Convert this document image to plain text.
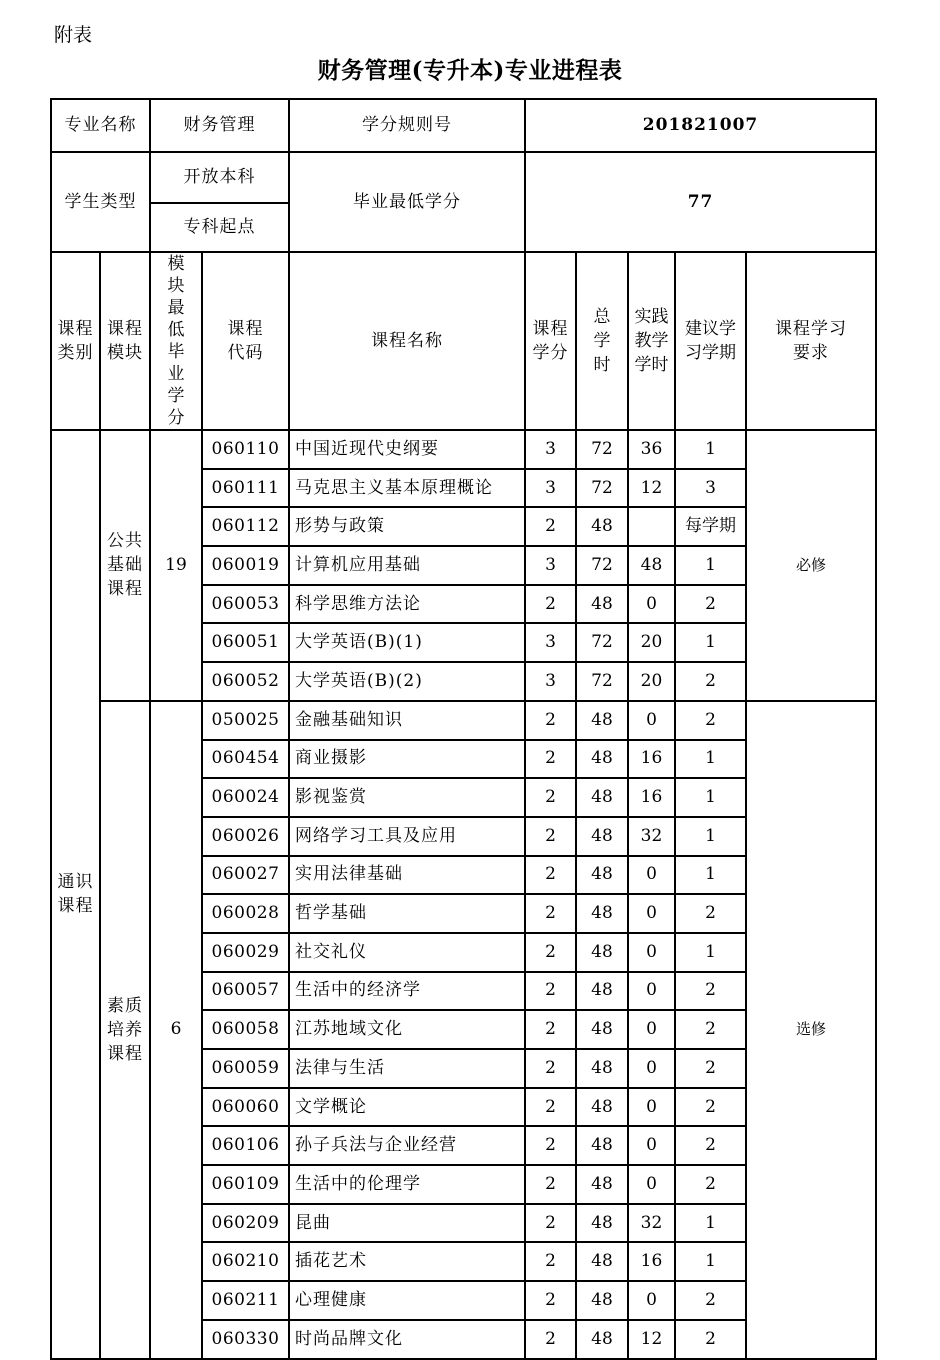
附表
财务管理(专升本)专业进程表
专业名称		财务管理		学分规则号	201821007				
学生类型		开放本科		毕业最低学分	77				
		专科起点							

课程类别	课程模块	模块最低毕业学分	课程代码	课程名称	课程学分	总学时	实践教学学时	建议学习学期	课程学习要求

通识课程	公共基础课程	19	060110	中国近现代史纲要	3	72	36	1	必修
			060111	马克思主义基本原理概论	3	72	12	3	
			060112	形势与政策	2	48		每学期	
			060019	计算机应用基础	3	72	48	1	
			060053	科学思维方法论	2	48	0	2	
			060051	大学英语(B)(1)	3	72	20	1	
			060052	大学英语(B)(2)	3	72	20	2	

	素质培养课程	6	050025	金融基础知识	2	48	0	2	选修
			060454	商业摄影	2	48	16	1	
			060024	影视鉴赏	2	48	16	1	
			060026	网络学习工具及应用	2	48	32	1	
			060027	实用法律基础	2	48	0	1	
			060028	哲学基础	2	48	0	2	
			060029	社交礼仪	2	48	0	1	
			060057	生活中的经济学	2	48	0	2	
			060058	江苏地域文化	2	48	0	2	
			060059	法律与生活	2	48	0	2	
			060060	文学概论	2	48	0	2	
			060106	孙子兵法与企业经营	2	48	0	2	
			060109	生活中的伦理学	2	48	0	2	
			060209	昆曲	2	48	32	1	
			060210	插花艺术	2	48	16	1	
			060211	心理健康	2	48	0	2	
			060330	时尚品牌文化	2	48	12	2	
